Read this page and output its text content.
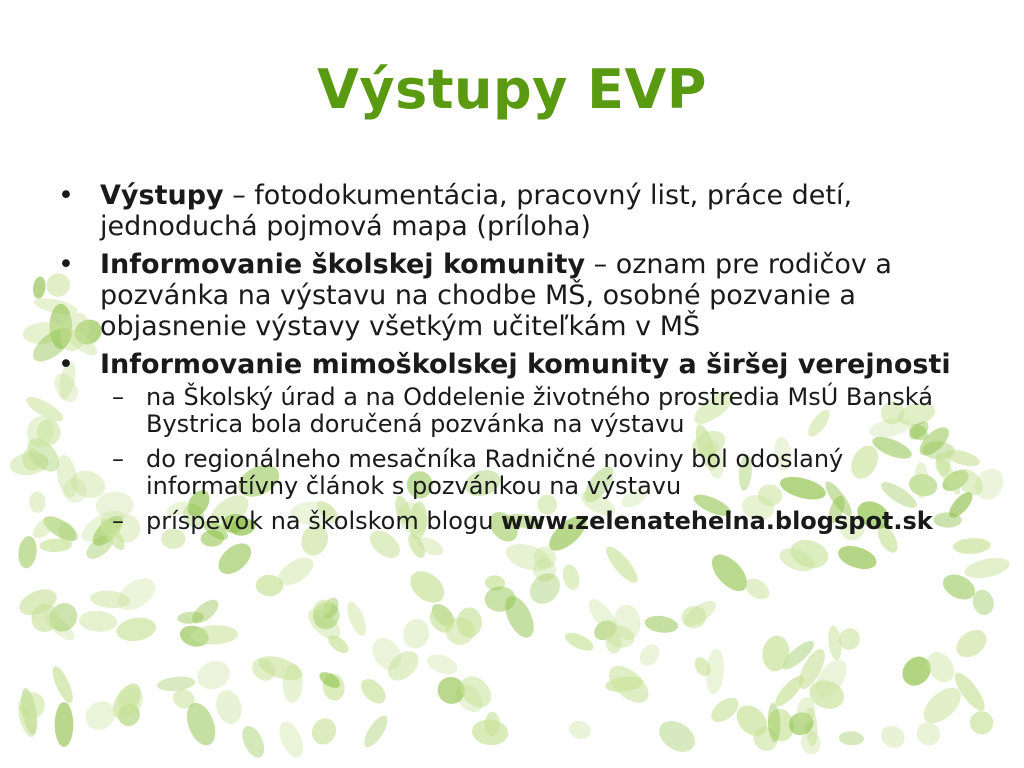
Výstupy EVP
• Výstupy – fotodokumentácia, pracovný list, práce detí, jednoduchá pojmová mapa (príloha)
• Informovanie školskej komunity – oznam pre rodičov a pozvánka na výstavu na chodbe MŠ, osobné pozvanie a objasnenie výstavy všetkým učiteľkám v MŠ
• Informovanie mimoškolskej komunity a širšej verejnosti
– na Školský úrad a na Oddelenie životného prostredia MsÚ Banská Bystrica bola doručená pozvánka na výstavu
– do regionálneho mesačníka Radničné noviny bol odoslaný informatívny článok s pozvánkou na výstavu
– príspevok na školskom blogu www.zelenatehelna.blogspot.sk
